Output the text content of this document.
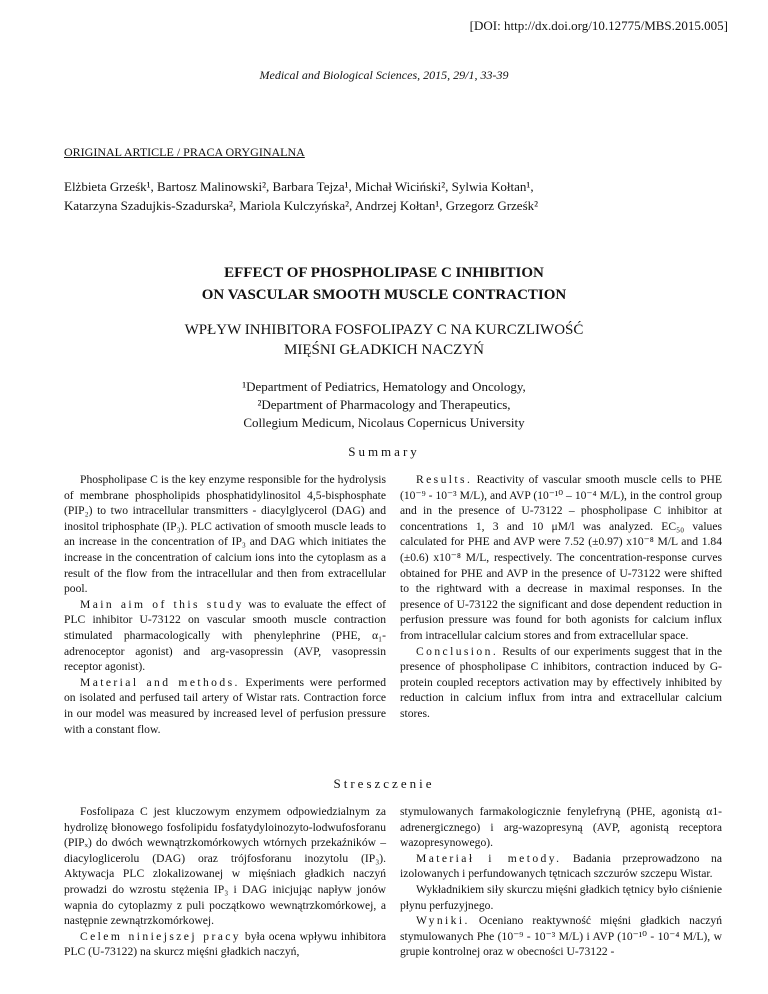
[DOI: http://dx.doi.org/10.12775/MBS.2015.005]
Medical and Biological Sciences, 2015, 29/1, 33-39
ORIGINAL ARTICLE / PRACA ORYGINALNA
Elżbieta Grześk¹, Bartosz Malinowski², Barbara Tejza¹, Michał Wiciński², Sylwia Kołtan¹,
Katarzyna Szadujkis-Szadurska², Mariola Kulczyńska², Andrzej Kołtan¹, Grzegorz Grześk²
EFFECT OF PHOSPHOLIPASE C INHIBITION
ON VASCULAR SMOOTH MUSCLE CONTRACTION
WPŁYW INHIBITORA FOSFOLIPAZY C NA KURCZLIWOŚĆ
MIĘŚNI GŁADKICH NACZYŃ
¹Department of Pediatrics, Hematology and Oncology,
²Department of Pharmacology and Therapeutics,
Collegium Medicum, Nicolaus Copernicus University
Summary

Phospholipase C is the key enzyme responsible for the hydrolysis of membrane phospholipids phosphatidylinositol 4,5-bisphosphate (PIP₂) to two intracellular transmitters - diacylglycerol (DAG) and inositol triphosphate (IP₃). PLC activation of smooth muscle leads to an increase in the concentration of IP₃ and DAG which initiates the increase in the concentration of calcium ions into the cytoplasm as a result of the flow from the intracellular and then from extracellular pool.

Main aim of this study was to evaluate the effect of PLC inhibitor U-73122 on vascular smooth muscle contraction stimulated pharmacologically with phenylephrine (PHE, α₁-adrenoceptor agonist) and arg-vasopressin (AVP, vasopressin receptor agonist).

Material and methods. Experiments were performed on isolated and perfused tail artery of Wistar rats. Contraction force in our model was measured by increased level of perfusion pressure with a constant flow.

Results. Reactivity of vascular smooth muscle cells to PHE (10⁻⁹ - 10⁻³ M/L), and AVP (10⁻¹⁰ – 10⁻⁴ M/L), in the control group and in the presence of U-73122 – phospholipase C inhibitor at concentrations 1, 3 and 10 μM/l was analyzed. EC₅₀ values calculated for PHE and AVP were 7.52 (±0.97) x10⁻⁸ M/L and 1.84 (±0.6) x10⁻⁸ M/L, respectively. The concentration-response curves obtained for PHE and AVP in the presence of U-73122 were shifted to the rightward with a decrease in maximal responses. In the presence of U-73122 the significant and dose dependent reduction in perfusion pressure was found for both agonists for calcium influx from intracellular calcium stores and from extracellular space.

Conclusion. Results of our experiments suggest that in the presence of phospholipase C inhibitors, contraction induced by G-protein coupled receptors activation may by effectively inhibited by reduction in calcium influx from intra and extracellular calcium stores.

Streszczenie

Fosfolipaza C jest kluczowym enzymem odpowiedzialnym za hydrolizę błonowego fosfolipidu fosfatydyloinozyto-lodwufosforanu (PIPₓ) do dwóch wewnątrzkomórkowych wtórnych przekaźników – diacyloglicerolu (DAG) oraz trójfosforanu inozytolu (IP₃). Aktywacja PLC zlokalizowanej w mięśniach gładkich naczyń prowadzi do wzrostu stężenia IP₃ i DAG inicjując napływ jonów wapnia do cytoplazmy z puli początkowo wewnątrzkomórkowej, a następnie zewnątrzkomórkowej.

Celem niniejszej pracy była ocena wpływu inhibitora PLC (U-73122) na skurcz mięśni gładkich naczyń,

stymulowanych farmakologicznie fenylefryną (PHE, agonistą α1-adrenergicznego) i arg-wazopresyną (AVP, agonistą receptora wazopresynowego).

Materiał i metody. Badania przeprowadzono na izolowanych i perfundowanych tętnicach szczurów szczepu Wistar.

Wykładnikiem siły skurczu mięśni gładkich tętnicy było ciśnienie płynu perfuzyjnego.

Wyniki. Oceniano reaktywność mięśni gładkich naczyń stymulowanych Phe (10⁻⁹ - 10⁻³ M/L) i AVP (10⁻¹⁰ - 10⁻⁴ M/L), w grupie kontrolnej oraz w obecności U-73122 -
